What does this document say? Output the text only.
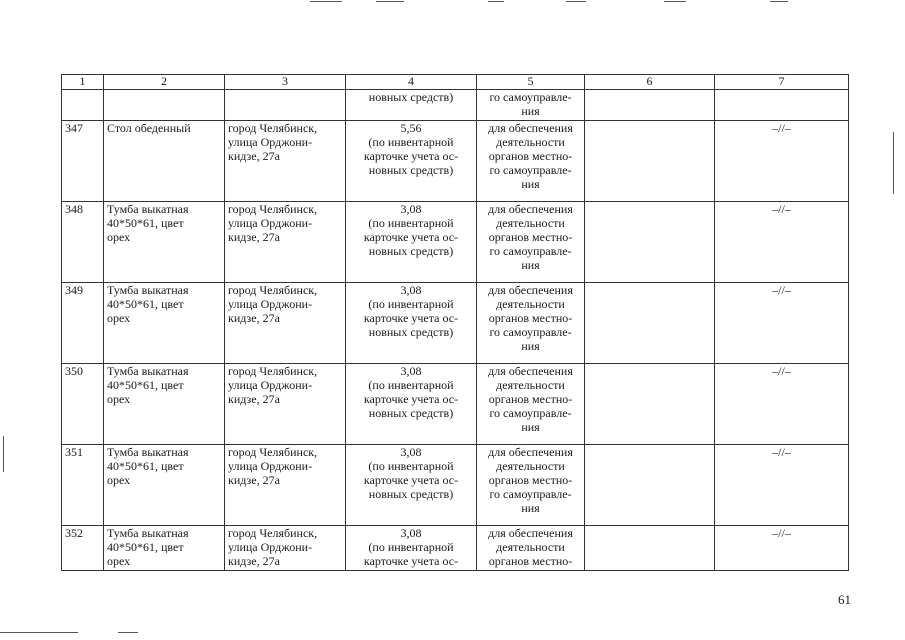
1	2	3	4	5	6	7
			новных средств)	го самоуправле-
ния		
347	Стол обеденный	город Челябинск,
улица Орджони-
кидзе, 27а	5,56
(по инвентарной
карточке учета ос-
новных средств)	для обеспечения
деятельности
органов местно-
го самоуправле-
ния		–//–
348	Тумба выкатная
40*50*61, цвет
орех	город Челябинск,
улица Орджони-
кидзе, 27а	3,08
(по инвентарной
карточке учета ос-
новных средств)	для обеспечения
деятельности
органов местно-
го самоуправле-
ния		–//–
349	Тумба выкатная
40*50*61, цвет
орех	город Челябинск,
улица Орджони-
кидзе, 27а	3,08
(по инвентарной
карточке учета ос-
новных средств)	для обеспечения
деятельности
органов местно-
го самоуправле-
ния		–//–
350	Тумба выкатная
40*50*61, цвет
орех	город Челябинск,
улица Орджони-
кидзе, 27а	3,08
(по инвентарной
карточке учета ос-
новных средств)	для обеспечения
деятельности
органов местно-
го самоуправле-
ния		–//–
351	Тумба выкатная
40*50*61, цвет
орех	город Челябинск,
улица Орджони-
кидзе, 27а	3,08
(по инвентарной
карточке учета ос-
новных средств)	для обеспечения
деятельности
органов местно-
го самоуправле-
ния		–//–
352	Тумба выкатная
40*50*61, цвет
орех	город Челябинск,
улица Орджони-
кидзе, 27а	3,08
(по инвентарной
карточке учета ос-	для обеспечения
деятельности
органов местно-		–//–
61
